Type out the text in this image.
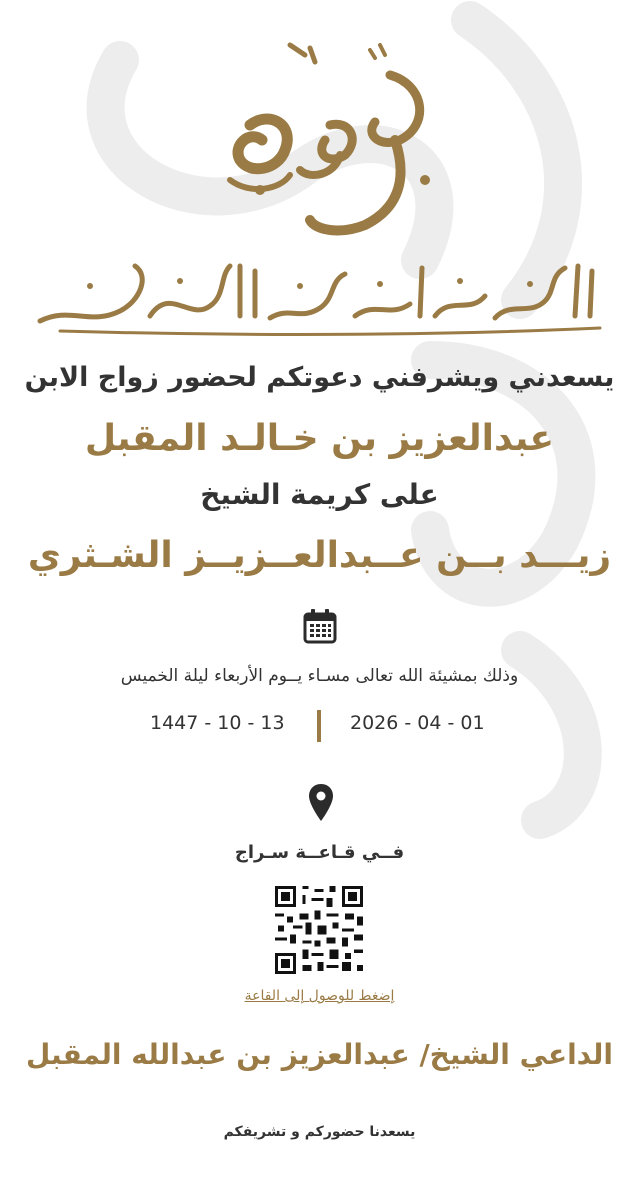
يسعدني ويشرفني دعوتكم لحضور زواج الابن
عبدالعزيز بن خـالـد المقبل
على كريمة الشيخ
زيـــد بــن عــبدالعــزيــز الشـثري
وذلك بمشيئة الله تعالى مسـاء يــوم الأربعاء ليلة الخميس
2026 - 04 - 01
1447 - 10 - 13
فــي قـاعــة سـراج
إضغط للوصول إلى القاعة
الداعي الشيخ/ عبدالعزيز بن عبدالله المقبل
يسعدنا حضوركم و تشريفكم
